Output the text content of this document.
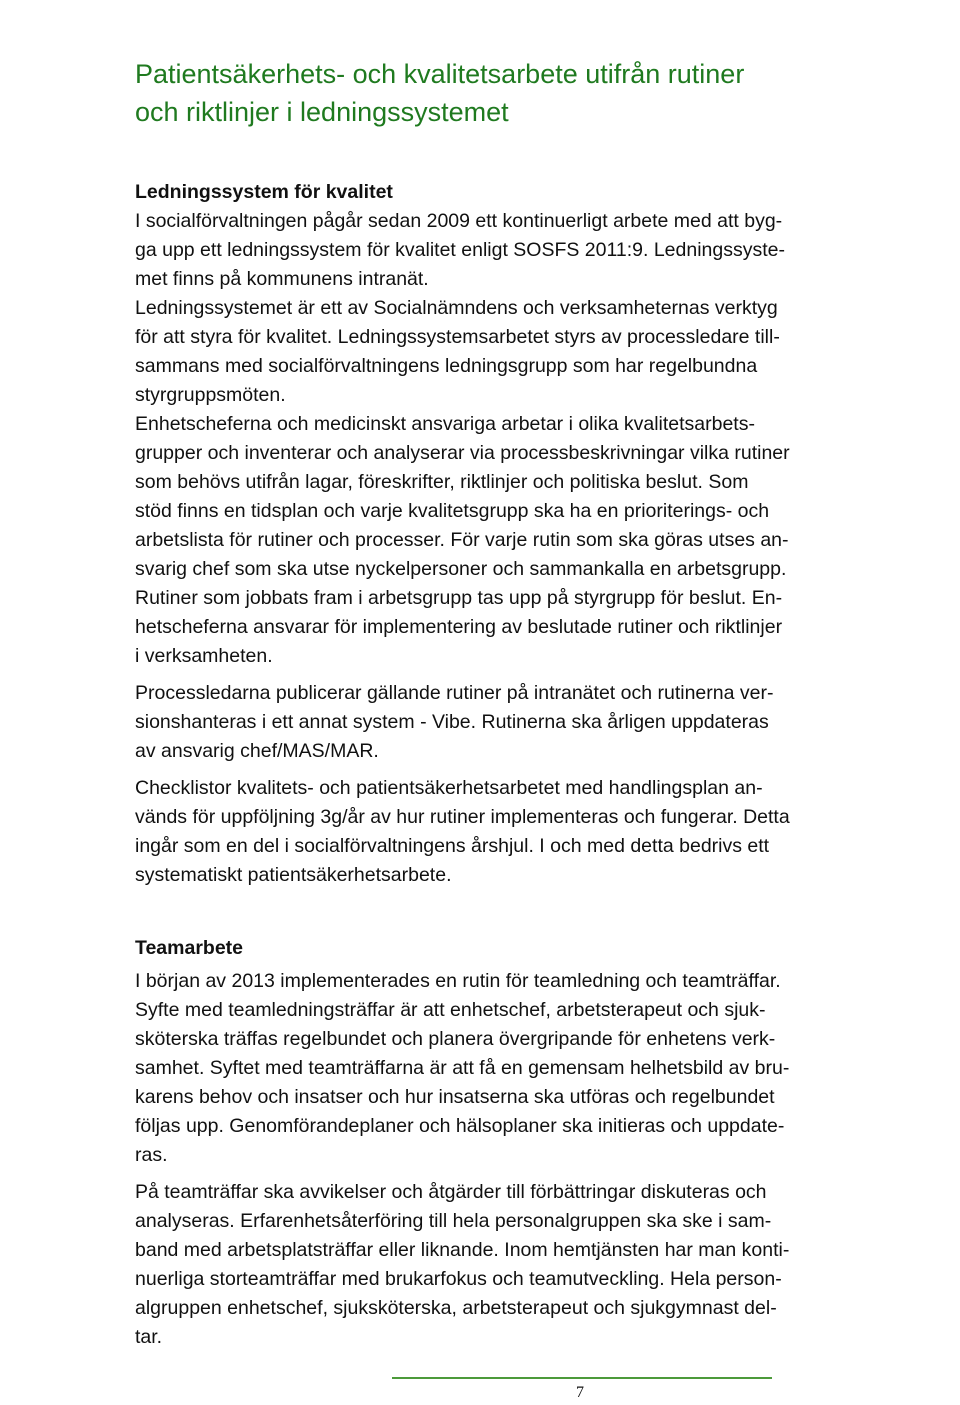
Patientsäkerhets- och kvalitetsarbete utifrån rutiner
och riktlinjer i ledningssystemet
Ledningssystem för kvalitet

I socialförvaltningen pågår sedan 2009 ett kontinuerligt arbete med att byg-
ga upp ett ledningssystem för kvalitet enligt SOSFS 2011:9. Ledningssyste-
met finns på kommunens intranät.

Ledningssystemet är ett av Socialnämndens och verksamheternas verktyg
för att styra för kvalitet. Ledningssystemsarbetet styrs av processledare till-
sammans med socialförvaltningens ledningsgrupp som har regelbundna
styrgruppsmöten.

Enhetscheferna och medicinskt ansvariga arbetar i olika kvalitetsarbets-
grupper och inventerar och analyserar via processbeskrivningar vilka rutiner
som behövs utifrån lagar, föreskrifter, riktlinjer och politiska beslut. Som
stöd finns en tidsplan och varje kvalitetsgrupp ska ha en prioriterings- och
arbetslista för rutiner och processer. För varje rutin som ska göras utses an-
svarig chef som ska utse nyckelpersoner och sammankalla en arbetsgrupp.
Rutiner som jobbats fram i arbetsgrupp tas upp på styrgrupp för beslut. En-
hetscheferna ansvarar för implementering av beslutade rutiner och riktlinjer
i verksamheten.

Processledarna publicerar gällande rutiner på intranätet och rutinerna ver-
sionshanteras i ett annat system - Vibe. Rutinerna ska årligen uppdateras
av ansvarig chef/MAS/MAR.

Checklistor kvalitets- och patientsäkerhetsarbetet med handlingsplan an-
vänds för uppföljning 3g/år av hur rutiner implementeras och fungerar. Detta
ingår som en del i socialförvaltningens årshjul. I och med detta bedrivs ett
systematiskt patientsäkerhetsarbete.

Teamarbete

I början av 2013 implementerades en rutin för teamledning och teamträffar.
Syfte med teamledningsträffar är att enhetschef, arbetsterapeut och sjuk-
sköterska träffas regelbundet och planera övergripande för enhetens verk-
samhet. Syftet med teamträffarna är att få en gemensam helhetsbild av bru-
karens behov och insatser och hur insatserna ska utföras och regelbundet
följas upp. Genomförandeplaner och hälsoplaner ska initieras och uppdate-
ras.

På teamträffar ska avvikelser och åtgärder till förbättringar diskuteras och
analyseras. Erfarenhetsåterföring till hela personalgruppen ska ske i sam-
band med arbetsplatsträffar eller liknande. Inom hemtjänsten har man konti-
nuerliga storteamträffar med brukarfokus och teamutveckling. Hela person-
algruppen enhetschef, sjuksköterska, arbetsterapeut och sjukgymnast del-
tar.

7
